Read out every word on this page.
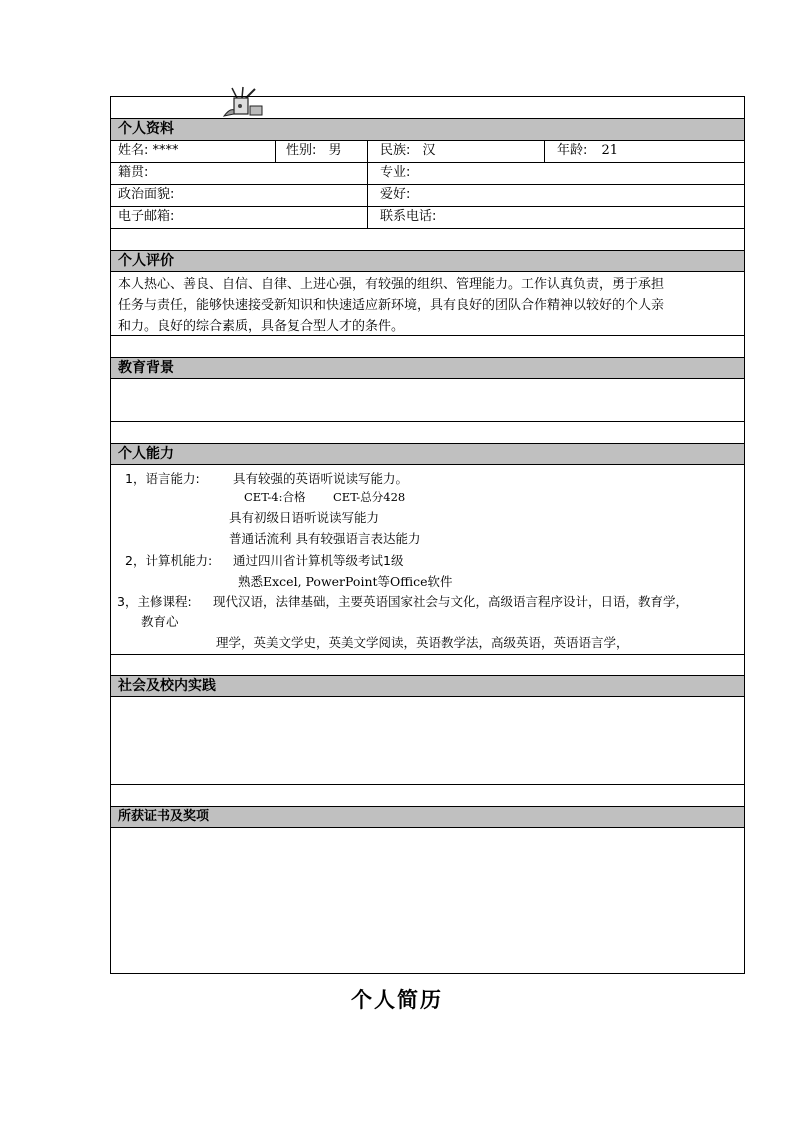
个人资料
姓名: ****	性别: 男	民族: 汉	年龄: 21
籍贯:	专业:
政治面貌:	爱好:
电子邮箱:	联系电话:
个人评价
本人热心、善良、自信、自律、上进心强，有较强的组织、管理能力。工作认真负责，勇于承担
任务与责任，能够快速接受新知识和快速适应新环境，具有良好的团队合作精神以较好的个人亲
和力。良好的综合素质，具备复合型人才的条件。
教育背景
个人能力
1，语言能力:	具有较强的英语听说读写能力。
CET-4:合格 CET-总分428
具有初级日语听说读写能力
普通话流利 具有较强语言表达能力
2，计算机能力: 通过四川省计算机等级考试1级
熟悉Excel, PowerPoint等Office软件
3，主修课程: 现代汉语，法律基础，主要英语国家社会与文化，高级语言程序设计，日语，教育学，
教育心
理学，英美文学史，英美文学阅读，英语教学法，高级英语，英语语言学，
社会及校内实践
所获证书及奖项
个人简历
